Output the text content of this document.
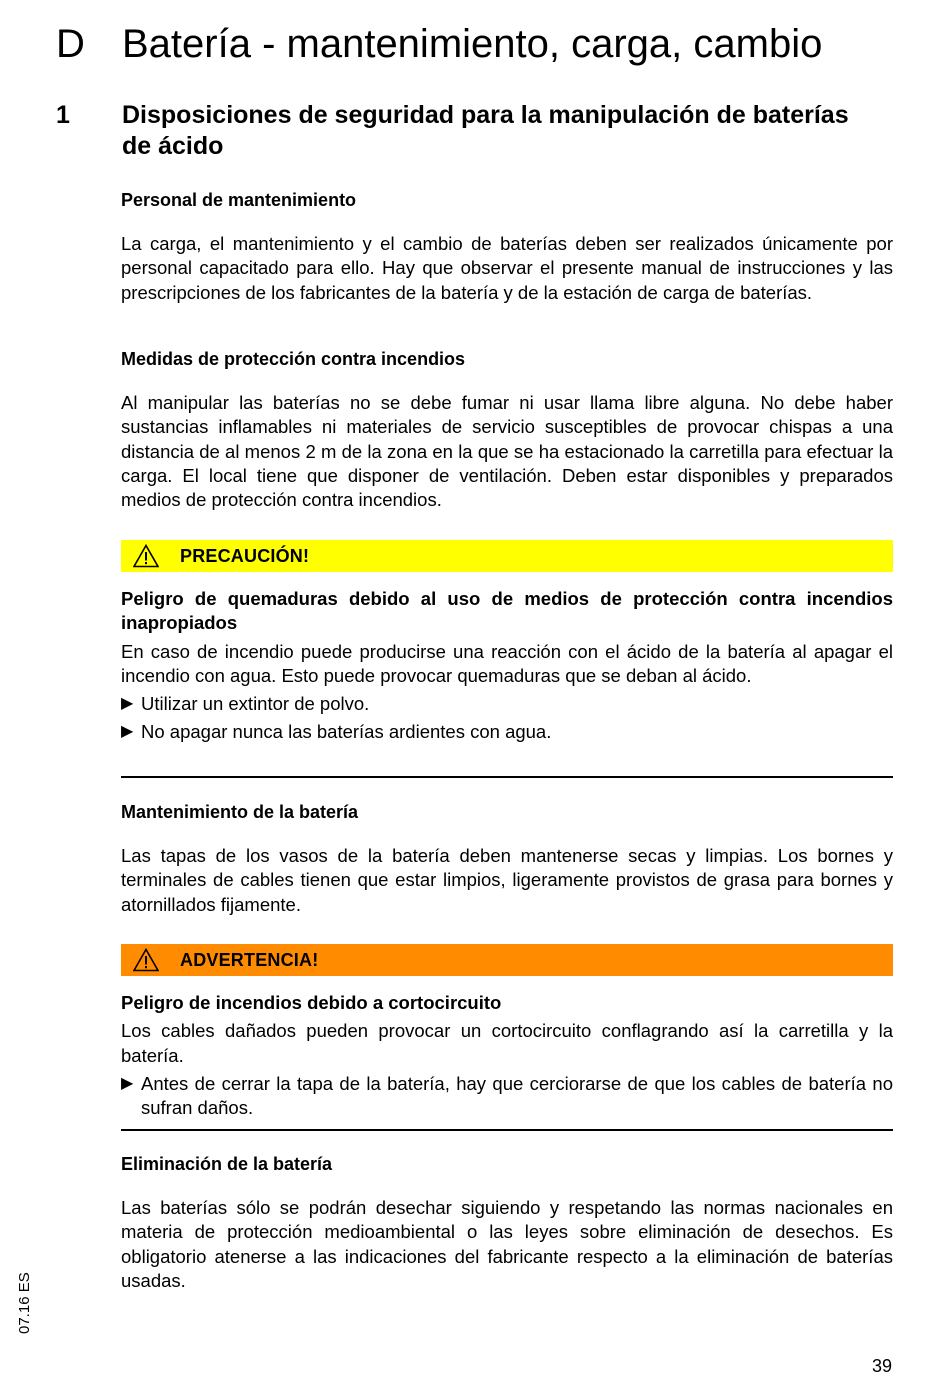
D Batería - mantenimiento, carga, cambio
1 Disposiciones de seguridad para la manipulación de baterías de ácido
Personal de mantenimiento

La carga, el mantenimiento y el cambio de baterías deben ser realizados únicamente por personal capacitado para ello. Hay que observar el presente manual de instrucciones y las prescripciones de los fabricantes de la batería y de la estación de carga de baterías.

Medidas de protección contra incendios

Al manipular las baterías no se debe fumar ni usar llama libre alguna. No debe haber sustancias inflamables ni materiales de servicio susceptibles de provocar chispas a una distancia de al menos 2 m de la zona en la que se ha estacionado la carretilla para efectuar la carga. El local tiene que disponer de ventilación. Deben estar disponibles y preparados medios de protección contra incendios.

PRECAUCIÓN!

Peligro de quemaduras debido al uso de medios de protección contra incendios inapropiados

En caso de incendio puede producirse una reacción con el ácido de la batería al apagar el incendio con agua. Esto puede provocar quemaduras que se deban al ácido.

▶ Utilizar un extintor de polvo.

▶ No apagar nunca las baterías ardientes con agua.

Mantenimiento de la batería

Las tapas de los vasos de la batería deben mantenerse secas y limpias. Los bornes y terminales de cables tienen que estar limpios, ligeramente provistos de grasa para bornes y atornillados fijamente.

ADVERTENCIA!

Peligro de incendios debido a cortocircuito

Los cables dañados pueden provocar un cortocircuito conflagrando así la carretilla y la batería.

▶ Antes de cerrar la tapa de la batería, hay que cerciorarse de que los cables de batería no sufran daños.

Eliminación de la batería

Las baterías sólo se podrán desechar siguiendo y respetando las normas nacionales en materia de protección medioambiental o las leyes sobre eliminación de desechos. Es obligatorio atenerse a las indicaciones del fabricante respecto a la eliminación de baterías usadas.

07.16 ES
39
